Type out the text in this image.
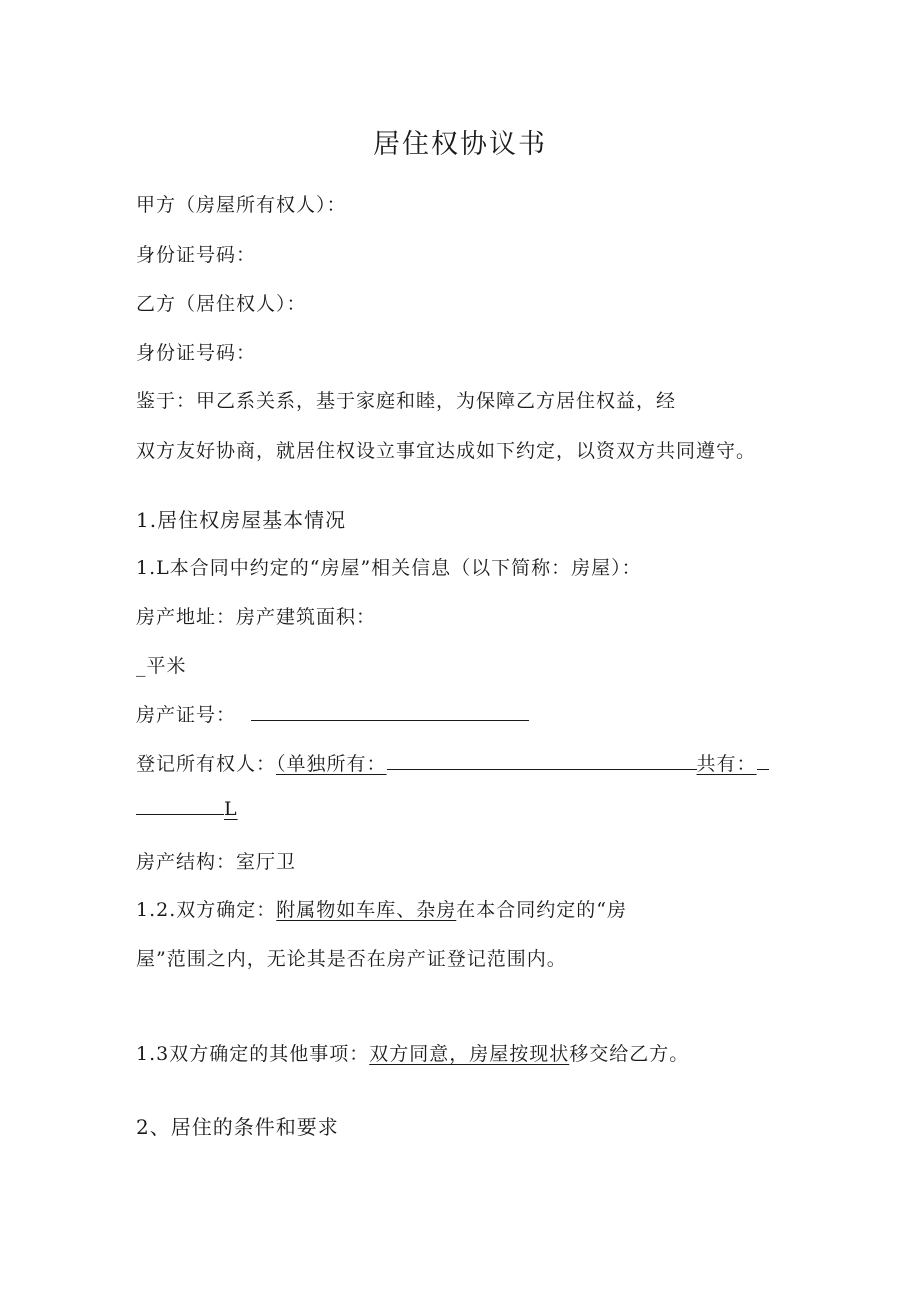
居住权协议书
甲方（房屋所有权人）：
身份证号码：
乙方（居住权人）：
身份证号码：
鉴于：甲乙系关系，基于家庭和睦，为保障乙方居住权益，经
双方友好协商，就居住权设立事宜达成如下约定，以资双方共同遵守。
1.居住权房屋基本情况
1.L本合同中约定的“房屋”相关信息（以下简称：房屋）：
房产地址：房产建筑面积：
_平米
房产证号：
登记所有权人：（单独所有：	共有：
L
房产结构：室厅卫
1.2.双方确定：附属物如车库、杂房在本合同约定的“房
屋”范围之内，无论其是否在房产证登记范围内。
1.3双方确定的其他事项：双方同意，房屋按现状移交给乙方。
2、居住的条件和要求
